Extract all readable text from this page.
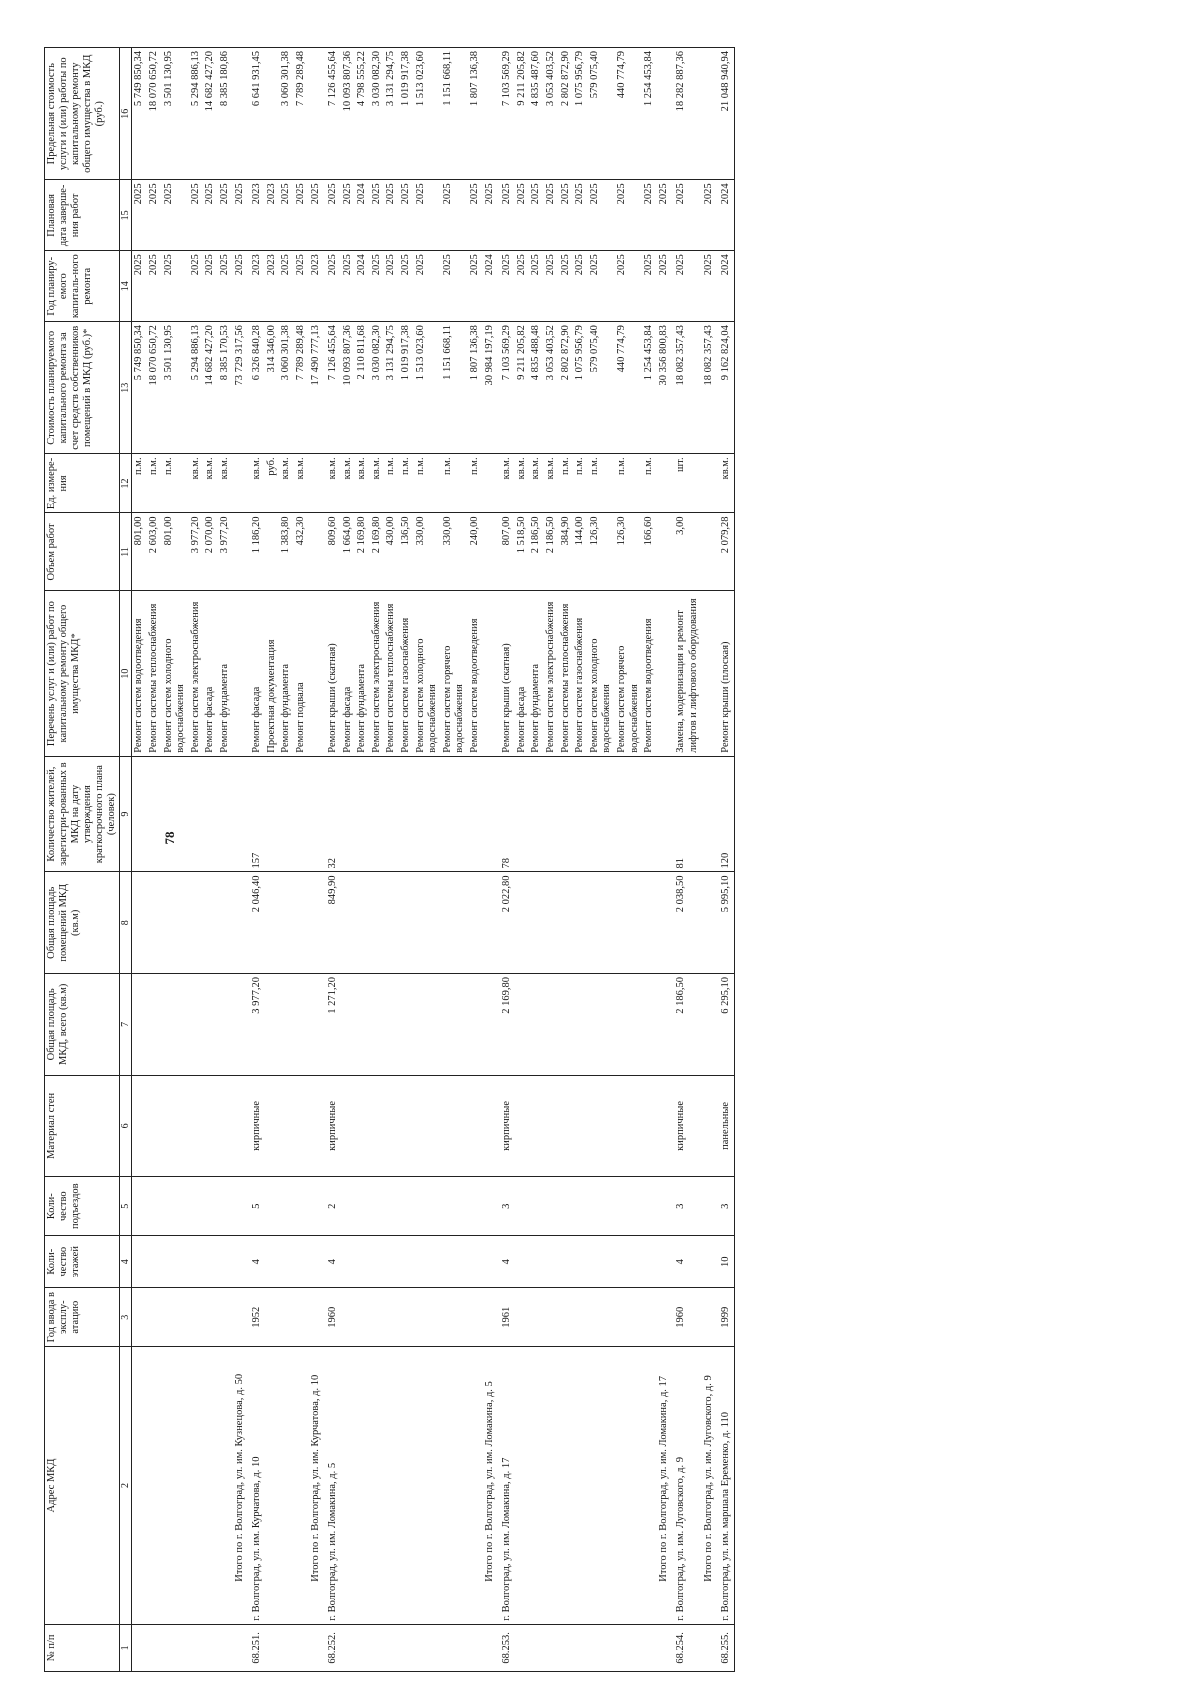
78
№ п/п	Адрес МКД	Год ввода в эксплу-атацию	Коли-чество этажей	Коли-чество подъездов	Материал стен	Общая площадь МКД, всего (кв.м)	Общая площадь помещений МКД (кв.м)	Количество жителей, зарегистри-рованных в МКД на дату утверждения краткосрочного плана (человек)	Перечень услуг и (или) работ по капитальному ремонту общего имущества МКД*	Объем работ	Ед. измере-ния	Стоимость планируемого капитального ремонта за счет средств собственников помещений в МКД (руб.)*	Год планиру-емого капиталь-ного ремонта	Плановая дата заверше-ния работ	Предельная стоимость услуги и (или) работы по капитальному ремонту общего имущества в МКД (руб.)
1	2	3	4	5	6	7	8	9	10	11	12	13	14	15	16
									Ремонт систем водоотведения	801,00	п.м.	5 749 850,34	2025	2025	5 749 850,34
									Ремонт системы теплоснабжения	2 603,00	п.м.	18 070 650,72	2025	2025	18 070 650,72
									Ремонт систем холодного водоснабжения	801,00	п.м.	3 501 130,95	2025	2025	3 501 130,95
									Ремонт систем электроснабжения	3 977,20	кв.м.	5 294 886,13	2025	2025	5 294 886,13
									Ремонт фасада	2 070,00	кв.м.	14 682 427,20	2025	2025	14 682 427,20
									Ремонт фундамента	3 977,20	кв.м.	8 385 170,53	2025	2025	8 385 180,86
	Итого по г. Волгоград, ул. им. Кузнецова, д. 50											73 729 317,56	2025	2025	
68.251.	г. Волгоград, ул. им. Курчатова, д. 10	1952	4	5	кирпичные	3 977,20	2 046,40	157	Ремонт фасада	1 186,20	кв.м.	6 326 840,28	2023	2023	6 641 931,45
									Проектная документация		руб.	314 346,00	2023	2023	
									Ремонт фундамента	1 383,80	кв.м.	3 060 301,38	2025	2025	3 060 301,38
									Ремонт подвала	432,30	кв.м.	7 789 289,48	2025	2025	7 789 289,48
	Итого по г. Волгоград, ул. им. Курчатова, д. 10											17 490 777,13	2023	2025	
68.252.	г. Волгоград, ул. им. Ломакина, д. 5	1960	4	2	кирпичные	1 271,20	849,90	32	Ремонт крыши (скатная)	809,60	кв.м.	7 126 455,64	2025	2025	7 126 455,64
									Ремонт фасада	1 664,00	кв.м.	10 093 807,36	2025	2025	10 093 807,36
									Ремонт фундамента	2 169,80	кв.м.	2 110 811,68	2024	2024	4 798 555,22
									Ремонт систем электроснабжения	2 169,80	кв.м.	3 030 082,30	2025	2025	3 030 082,30
									Ремонт системы теплоснабжения	430,00	п.м.	3 131 294,75	2025	2025	3 131 294,75
									Ремонт систем газоснабжения	136,50	п.м.	1 019 917,38	2025	2025	1 019 917,38
									Ремонт систем холодного водоснабжения	330,00	п.м.	1 513 023,60	2025	2025	1 513 023,60
									Ремонт систем горячего водоснабжения	330,00	п.м.	1 151 668,11	2025	2025	1 151 668,11
									Ремонт систем водоотведения	240,00	п.м.	1 807 136,38	2025	2025	1 807 136,38
	Итого по г. Волгоград, ул. им. Ломакина, д. 5											30 984 197,19	2024	2025	
68.253.	г. Волгоград, ул. им. Ломакина, д. 17	1961	4	3	кирпичные	2 169,80	2 022,80	78	Ремонт крыши (скатная)	807,00	кв.м.	7 103 569,29	2025	2025	7 103 569,29
									Ремонт фасада	1 518,50	кв.м.	9 211 205,82	2025	2025	9 211 205,82
									Ремонт фундамента	2 186,50	кв.м.	4 835 488,48	2025	2025	4 835 487,60
									Ремонт систем электроснабжения	2 186,50	кв.м.	3 053 403,52	2025	2025	3 053 403,52
									Ремонт системы теплоснабжения	384,90	п.м.	2 802 872,90	2025	2025	2 802 872,90
									Ремонт систем газоснабжения	144,00	п.м.	1 075 956,79	2025	2025	1 075 956,79
									Ремонт систем холодного водоснабжения	126,30	п.м.	579 075,40	2025	2025	579 075,40
									Ремонт систем горячего водоснабжения	126,30	п.м.	440 774,79	2025	2025	440 774,79
									Ремонт систем водоотведения	166,60	п.м.	1 254 453,84	2025	2025	1 254 453,84
	Итого по г. Волгоград, ул. им. Ломакина, д. 17											30 356 800,83	2025	2025	
68.254.	г. Волгоград, ул. им. Луговского, д. 9	1960	4	3	кирпичные	2 186,50	2 038,50	81	Замена, модернизация и ремонт лифтов и лифтового оборудования	3,00	шт.	18 082 357,43	2025	2025	18 282 887,36
	Итого по г. Волгоград, ул. им. Луговского, д. 9											18 082 357,43	2025	2025	
68.255.	г. Волгоград, ул. им. маршала Еременко, д. 110	1999	10	3	панельные	6 295,10	5 995,10	120	Ремонт крыши (плоская)	2 079,28	кв.м.	9 162 824,04	2024	2024	21 048 940,94
